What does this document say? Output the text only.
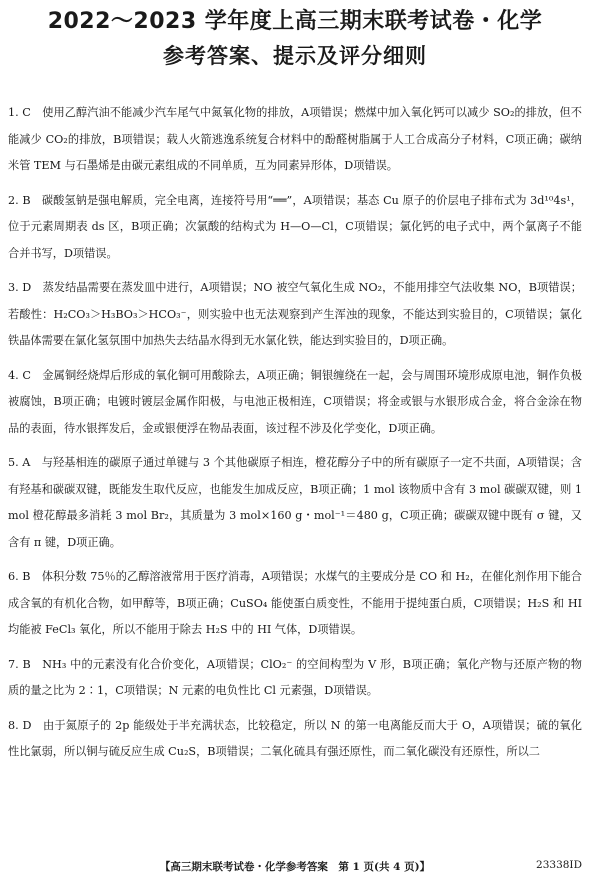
2022～2023 学年度上高三期末联考试卷・化学
参考答案、提示及评分细则
1. C　使用乙醇汽油不能减少汽车尾气中氮氧化物的排放，A项错误；燃煤中加入氧化钙可以减少 SO₂的排放，但不能减少 CO₂的排放，B项错误；载人火箭逃逸系统复合材料中的酚醛树脂属于人工合成高分子材料，C项正确；碳纳米管 TEM 与石墨烯是由碳元素组成的不同单质，互为同素异形体，D项错误。
2. B　碳酸氢钠是强电解质，完全电离，连接符号用“══”，A项错误；基态 Cu 原子的价层电子排布式为 3d¹⁰4s¹，位于元素周期表 ds 区，B项正确；次氯酸的结构式为 H—O—Cl，C项错误；氯化钙的电子式中，两个氯离子不能合并书写，D项错误。
3. D　蒸发结晶需要在蒸发皿中进行，A项错误；NO 被空气氧化生成 NO₂，不能用排空气法收集 NO，B项错误；若酸性：H₂CO₃＞H₃BO₃＞HCO₃⁻，则实验中也无法观察到产生浑浊的现象，不能达到实验目的，C项错误；氯化铁晶体需要在氯化氢氛围中加热失去结晶水得到无水氯化铁，能达到实验目的，D项正确。
4. C　金属铜经烧焊后形成的氧化铜可用酸除去，A项正确；铜银缠绕在一起，会与周围环境形成原电池，铜作负极被腐蚀，B项正确；电镀时镀层金属作阳极，与电池正极相连，C项错误；将金或银与水银形成合金，将合金涂在物品的表面，待水银挥发后，金或银便浮在物品表面，该过程不涉及化学变化，D项正确。
5. A　与羟基相连的碳原子通过单键与 3 个其他碳原子相连，橙花醇分子中的所有碳原子一定不共面，A项错误；含有羟基和碳碳双键，既能发生取代反应，也能发生加成反应，B项正确；1 mol 该物质中含有 3 mol 碳碳双键，则 1 mol 橙花醇最多消耗 3 mol Br₂，其质量为 3 mol×160 g・mol⁻¹＝480 g，C项正确；碳碳双键中既有 σ 键，又含有 π 键，D项正确。
6. B　体积分数 75％的乙醇溶液常用于医疗消毒，A项错误；水煤气的主要成分是 CO 和 H₂，在催化剂作用下能合成含氧的有机化合物，如甲醇等，B项正确；CuSO₄ 能使蛋白质变性，不能用于提纯蛋白质，C项错误；H₂S 和 HI 均能被 FeCl₃ 氧化，所以不能用于除去 H₂S 中的 HI 气体，D项错误。
7. B　NH₃ 中的元素没有化合价变化，A项错误；ClO₂⁻ 的空间构型为 V 形，B项正确；氧化产物与还原产物的物质的量之比为 2∶1，C项错误；N 元素的电负性比 Cl 元素强，D项错误。
8. D　由于氮原子的 2p 能级处于半充满状态，比较稳定，所以 N 的第一电离能反而大于 O，A项错误；硫的氧化性比氯弱，所以铜与硫反应生成 Cu₂S，B项错误；二氧化硫具有强还原性，而二氧化碳没有还原性，所以二
【高三期末联考试卷・化学参考答案　第 1 页(共 4 页)】	23338ID
